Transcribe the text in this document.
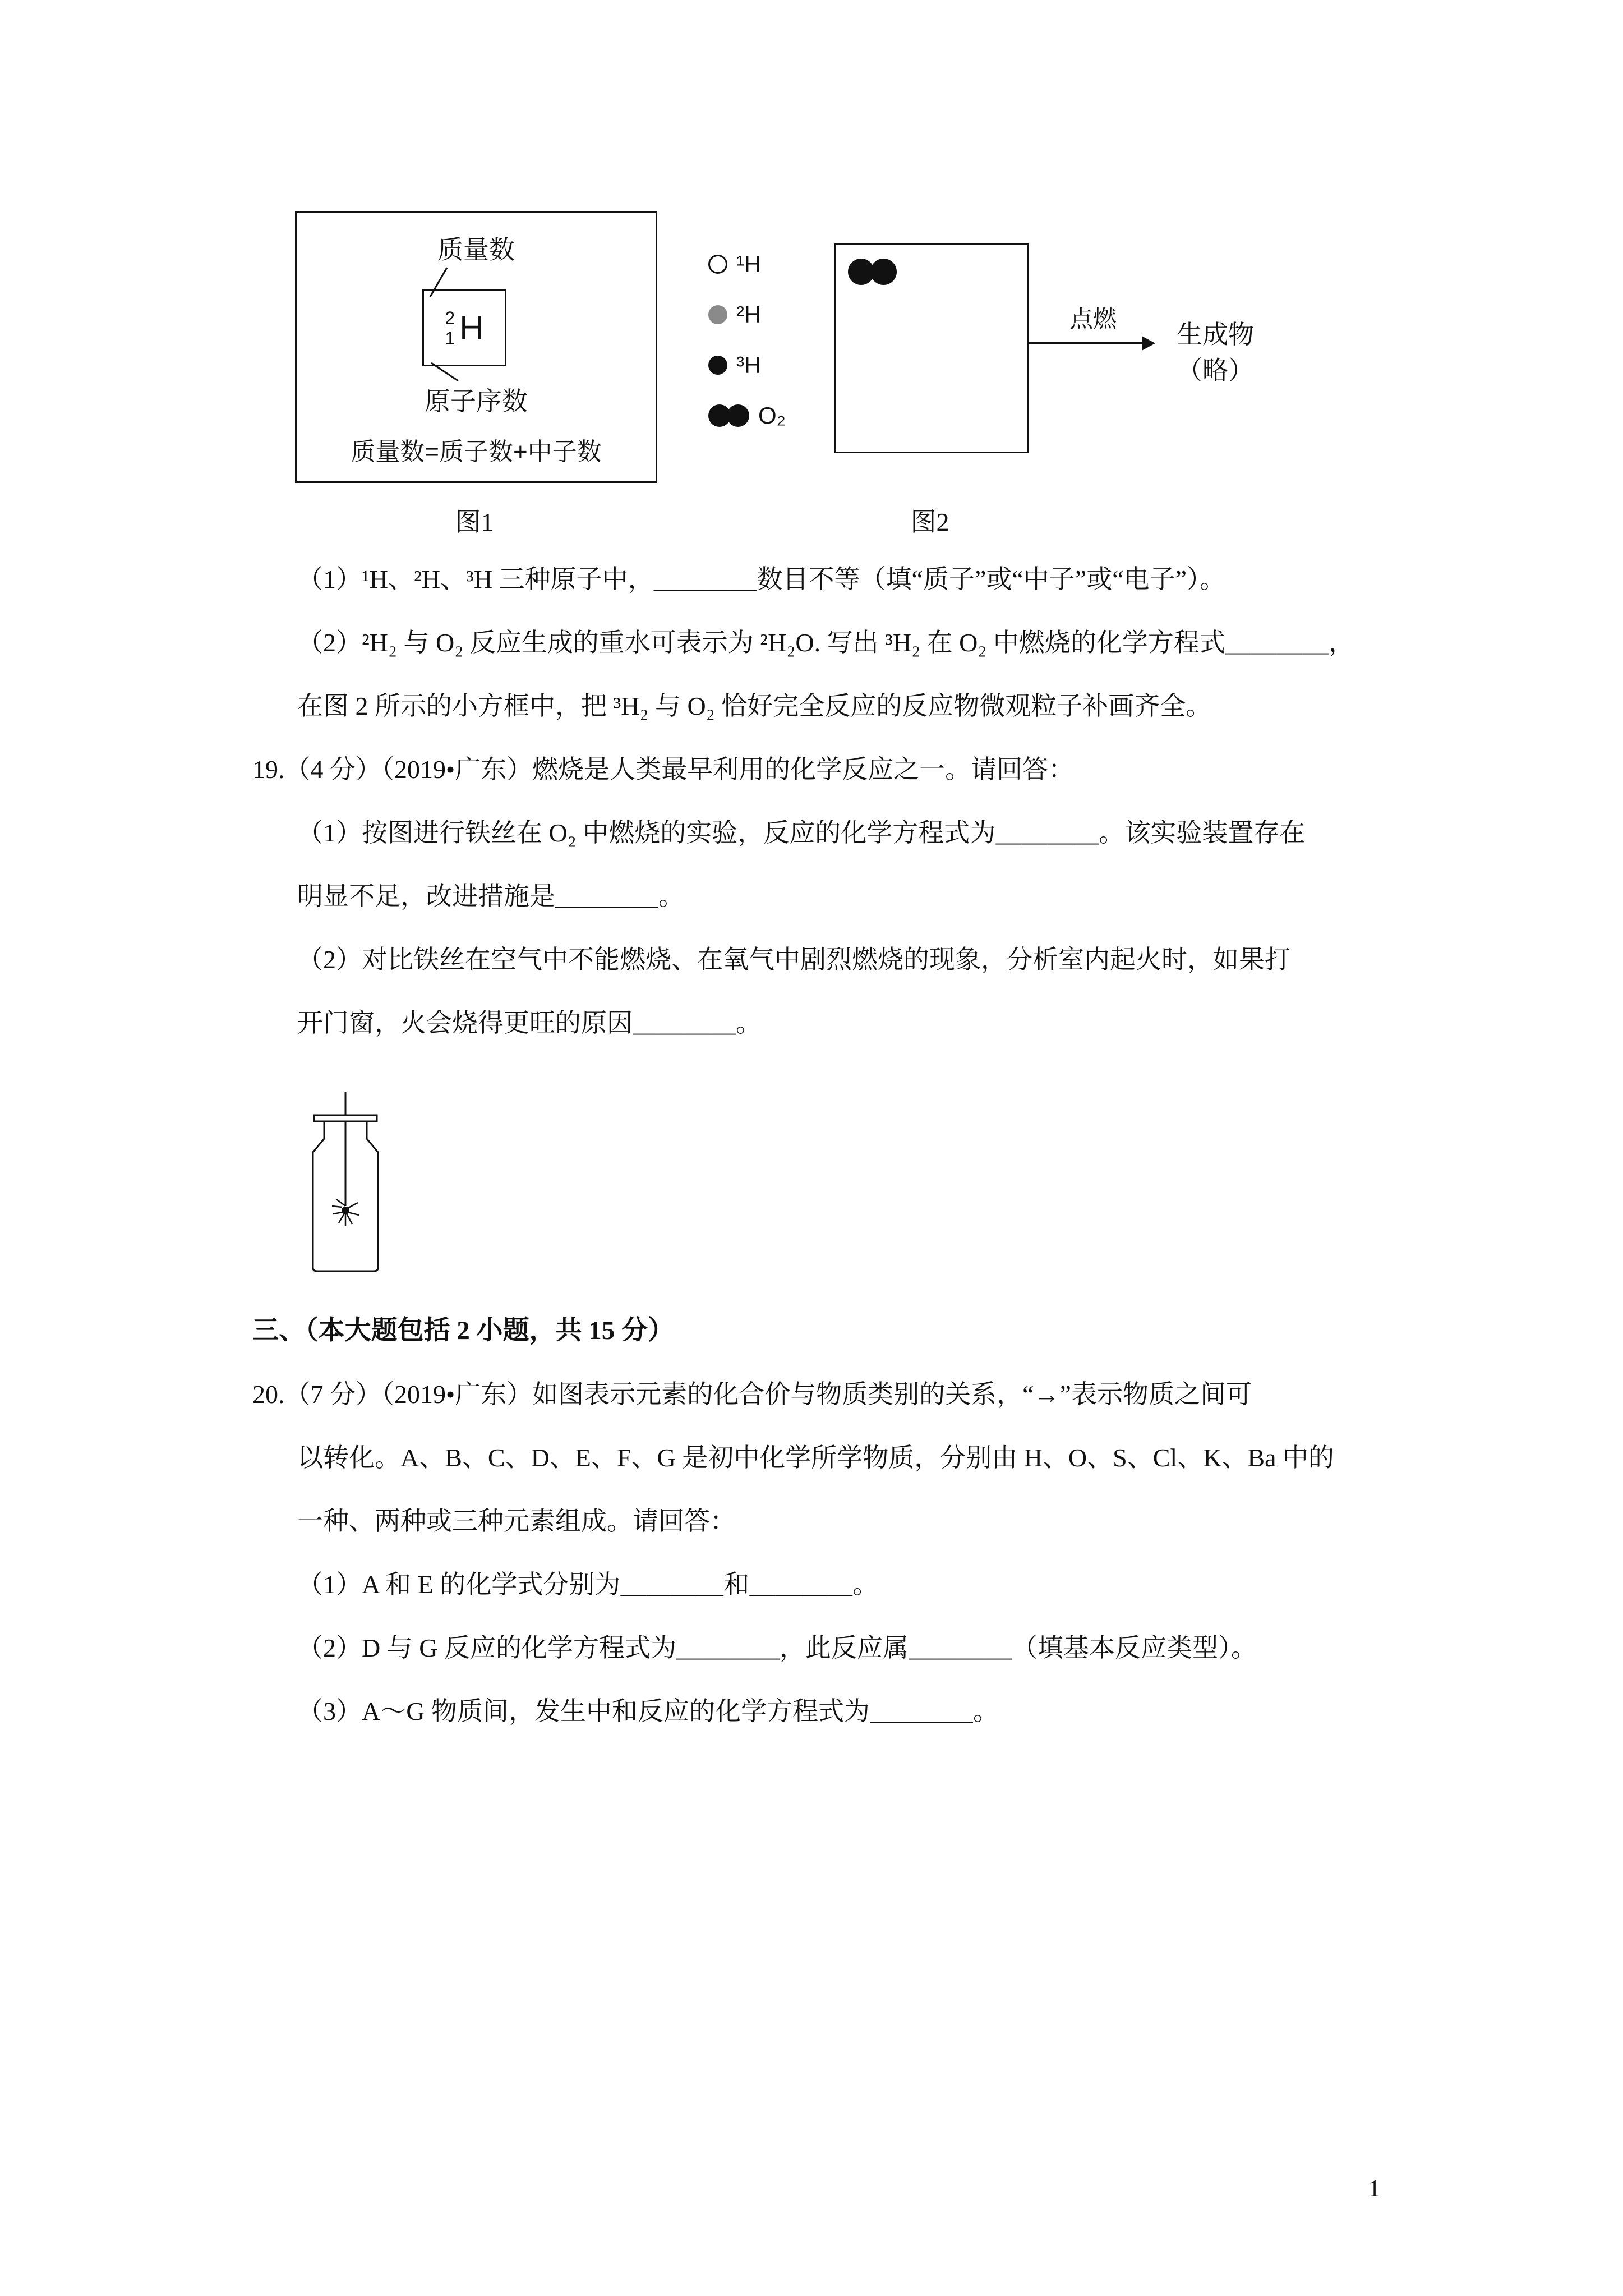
质量数
2
1 H
原子序数
质量数=质子数+中子数
¹H
²H
³H
O₂
点燃
生成物
（略）
图1	图2
（1）¹H、²H、³H 三种原子中，＿＿＿＿数目不等（填“质子”或“中子”或“电子”）。
（2）²H₂ 与 O₂ 反应生成的重水可表示为 ²H₂O. 写出 ³H₂ 在 O₂ 中燃烧的化学方程式＿＿＿＿，
在图 2 所示的小方框中，把 ³H₂ 与 O₂ 恰好完全反应的反应物微观粒子补画齐全。
19.（4 分）（2019•广东）燃烧是人类最早利用的化学反应之一。请回答：
（1）按图进行铁丝在 O₂ 中燃烧的实验，反应的化学方程式为＿＿＿＿。该实验装置存在
明显不足，改进措施是＿＿＿＿。
（2）对比铁丝在空气中不能燃烧、在氧气中剧烈燃烧的现象，分析室内起火时，如果打
开门窗，火会烧得更旺的原因＿＿＿＿。
三、（本大题包括 2 小题，共 15 分）
20.（7 分）（2019•广东）如图表示元素的化合价与物质类别的关系，“→”表示物质之间可
以转化。A、B、C、D、E、F、G 是初中化学所学物质，分别由 H、O、S、Cl、K、Ba 中的
一种、两种或三种元素组成。请回答：
（1）A 和 E 的化学式分别为＿＿＿＿和＿＿＿＿。
（2）D 与 G 反应的化学方程式为＿＿＿＿，此反应属＿＿＿＿（填基本反应类型）。
（3）A～G 物质间，发生中和反应的化学方程式为＿＿＿＿。
1
